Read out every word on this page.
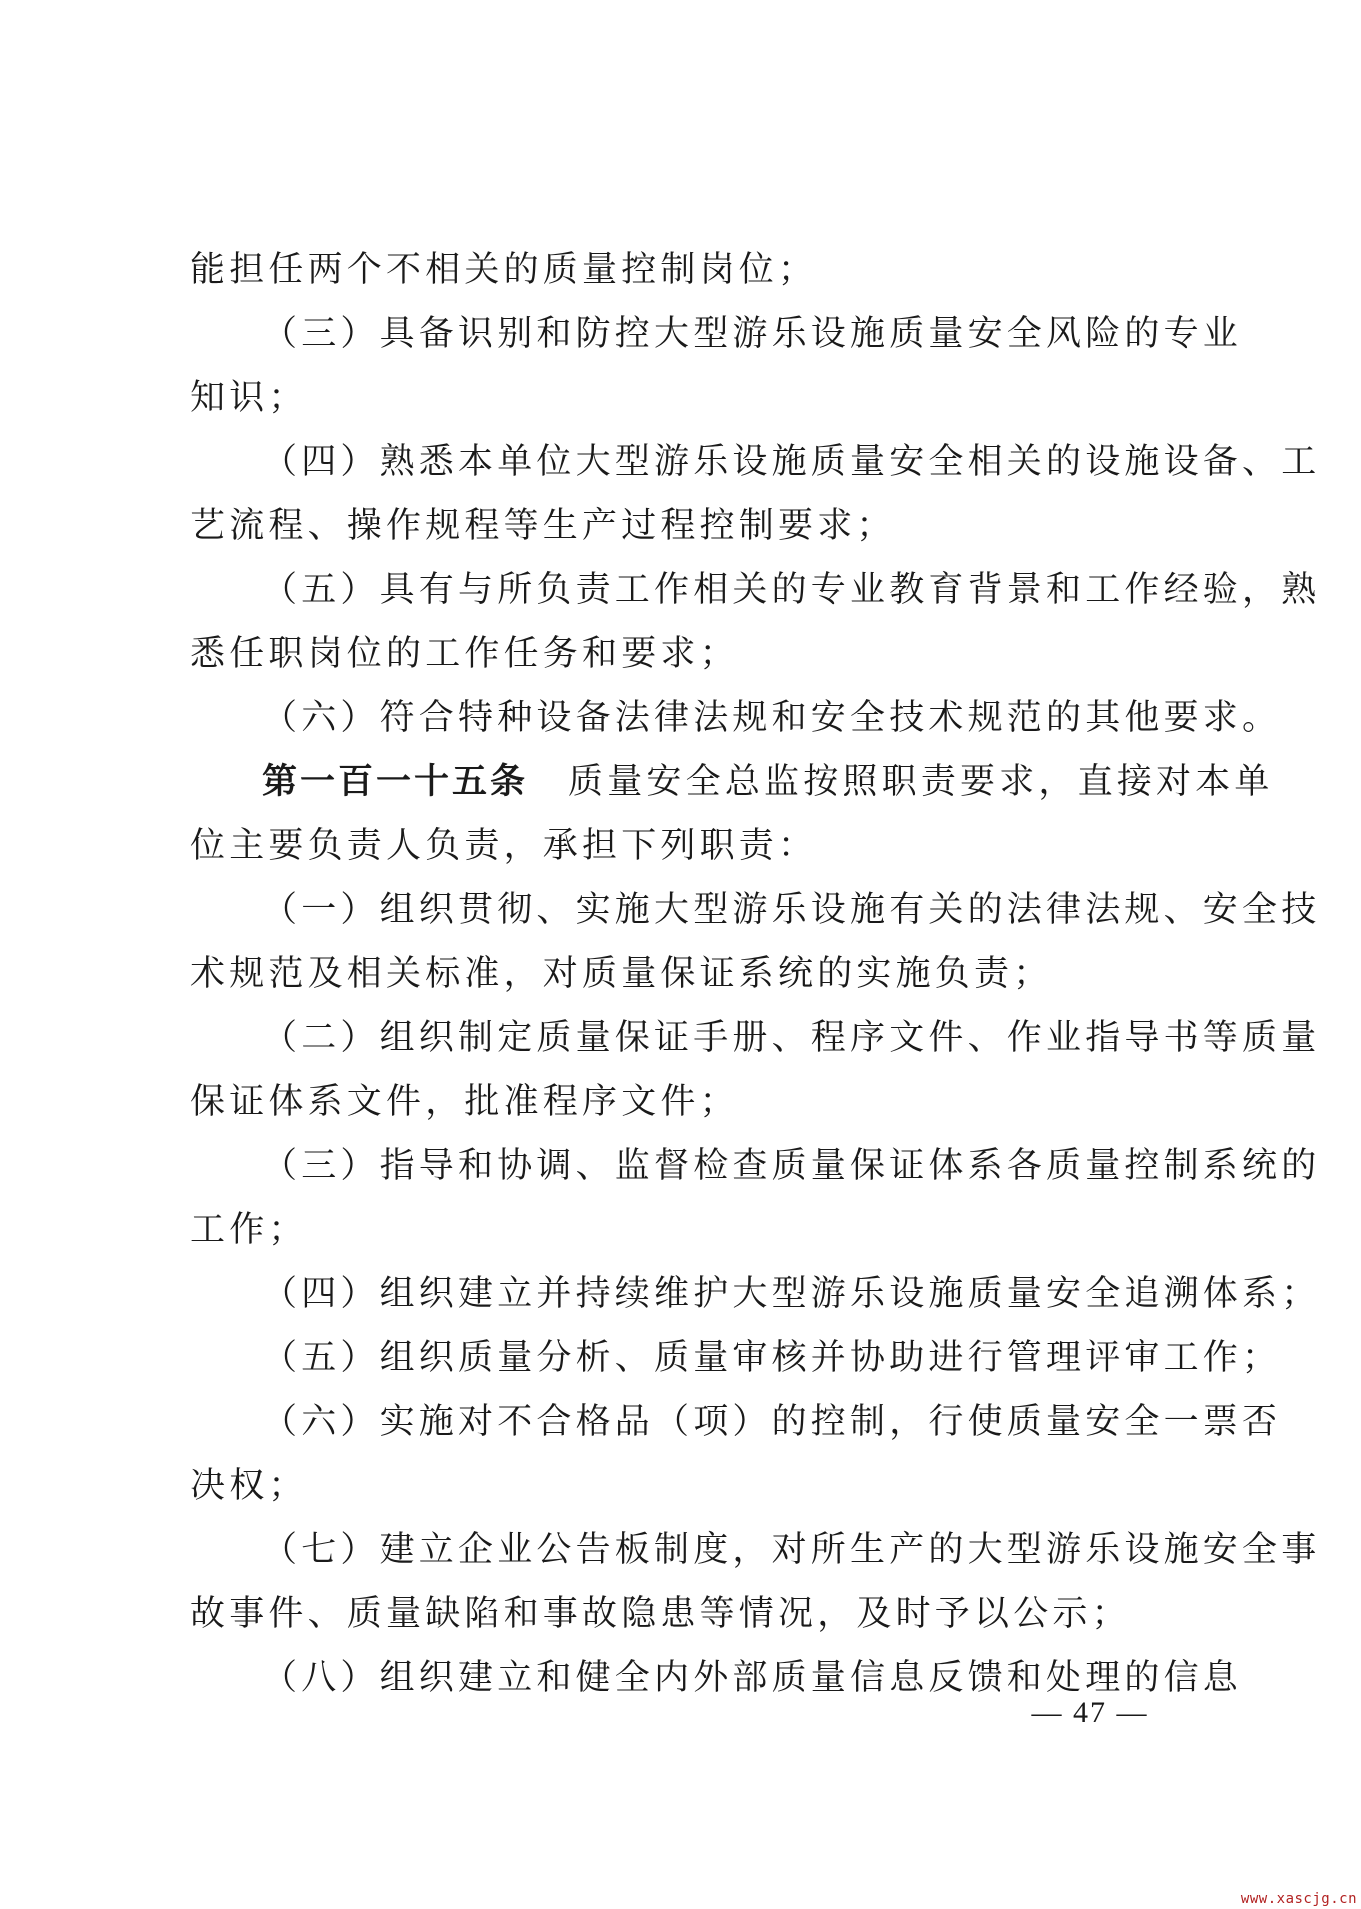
能担任两个不相关的质量控制岗位；
（三）具备识别和防控大型游乐设施质量安全风险的专业
知识；
（四）熟悉本单位大型游乐设施质量安全相关的设施设备、工
艺流程、操作规程等生产过程控制要求；
（五）具有与所负责工作相关的专业教育背景和工作经验，熟
悉任职岗位的工作任务和要求；
（六）符合特种设备法律法规和安全技术规范的其他要求。
第一百一十五条 质量安全总监按照职责要求，直接对本单
位主要负责人负责，承担下列职责：
（一）组织贯彻、实施大型游乐设施有关的法律法规、安全技
术规范及相关标准，对质量保证系统的实施负责；
（二）组织制定质量保证手册、程序文件、作业指导书等质量
保证体系文件，批准程序文件；
（三）指导和协调、监督检查质量保证体系各质量控制系统的
工作；
（四）组织建立并持续维护大型游乐设施质量安全追溯体系；
（五）组织质量分析、质量审核并协助进行管理评审工作；
（六）实施对不合格品（项）的控制，行使质量安全一票否
决权；
（七）建立企业公告板制度，对所生产的大型游乐设施安全事
故事件、质量缺陷和事故隐患等情况，及时予以公示；
（八）组织建立和健全内外部质量信息反馈和处理的信息
— 47 —
www.xascjg.cn
